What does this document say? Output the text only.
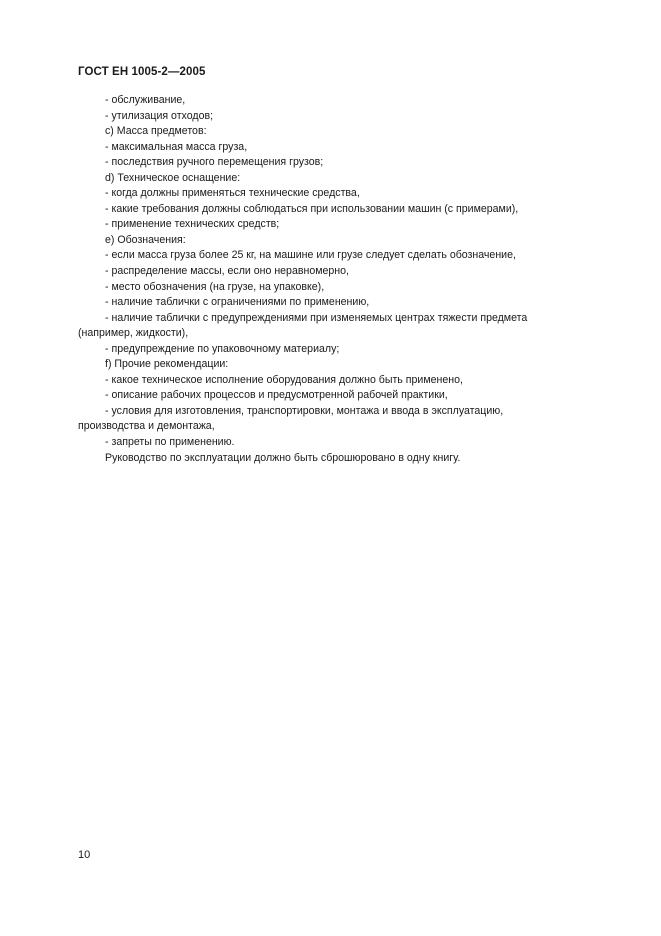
ГОСТ ЕН 1005-2—2005

- обслуживание,

- утилизация отходов;

c) Масса предметов:

- максимальная масса груза,

- последствия ручного перемещения грузов;

d) Техническое оснащение:

- когда должны применяться технические средства,

- какие требования должны соблюдаться при использовании машин (с примерами),

- применение технических средств;

е) Обозначения:

- если масса груза более 25 кг, на машине или грузе следует сделать обозначение,

- распределение массы, если оно неравномерно,

- место обозначения (на грузе, на упаковке),

- наличие таблички с ограничениями по применению,

- наличие таблички с предупреждениями при изменяемых центрах тяжести предмета (например, жидкости),

- предупреждение по упаковочному материалу;

f) Прочие рекомендации:

- какое техническое исполнение оборудования должно быть применено,

- описание рабочих процессов и предусмотренной рабочей практики,

- условия для изготовления, транспортировки, монтажа и ввода в эксплуатацию, производства и демонтажа,

- запреты по применению.

Руководство по эксплуатации должно быть сброшюровано в одну книгу.

10
